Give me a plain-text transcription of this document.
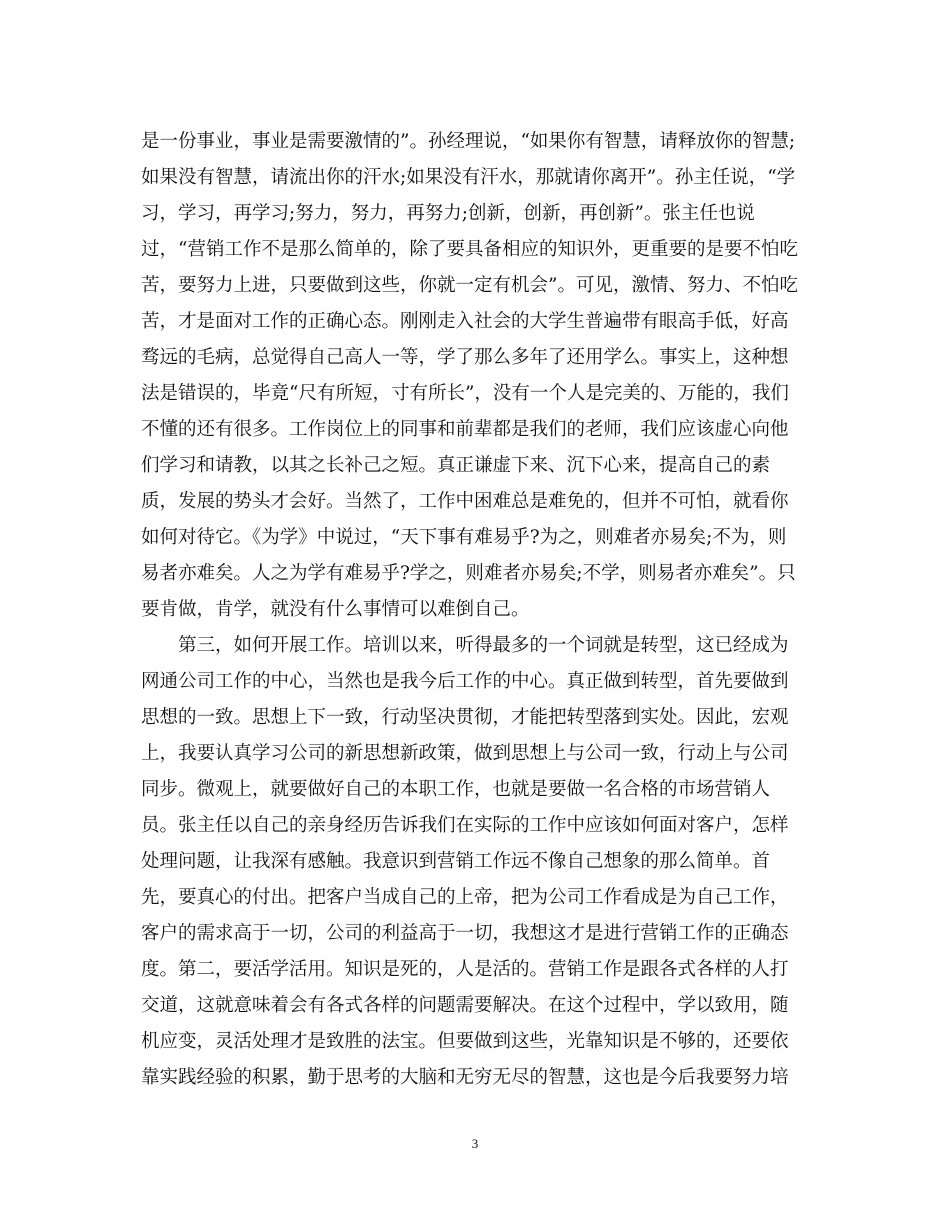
是一份事业，事业是需要激情的”。孙经理说，“如果你有智慧，请释放你的智慧;
如果没有智慧，请流出你的汗水;如果没有汗水，那就请你离开”。孙主任说，“学
习，学习，再学习;努力，努力，再努力;创新，创新，再创新”。张主任也说
过，“营销工作不是那么简单的，除了要具备相应的知识外，更重要的是要不怕吃
苦，要努力上进，只要做到这些，你就一定有机会”。可见，激情、努力、不怕吃
苦，才是面对工作的正确心态。刚刚走入社会的大学生普遍带有眼高手低，好高
骛远的毛病，总觉得自己高人一等，学了那么多年了还用学么。事实上，这种想
法是错误的，毕竟“尺有所短，寸有所长”，没有一个人是完美的、万能的，我们
不懂的还有很多。工作岗位上的同事和前辈都是我们的老师，我们应该虚心向他
们学习和请教，以其之长补己之短。真正谦虚下来、沉下心来，提高自己的素
质，发展的势头才会好。当然了，工作中困难总是难免的，但并不可怕，就看你
如何对待它。《为学》中说过，“天下事有难易乎?为之，则难者亦易矣;不为，则
易者亦难矣。人之为学有难易乎?学之，则难者亦易矣;不学，则易者亦难矣”。只
要肯做，肯学，就没有什么事情可以难倒自己。
第三，如何开展工作。培训以来，听得最多的一个词就是转型，这已经成为
网通公司工作的中心，当然也是我今后工作的中心。真正做到转型，首先要做到
思想的一致。思想上下一致，行动坚决贯彻，才能把转型落到实处。因此，宏观
上，我要认真学习公司的新思想新政策，做到思想上与公司一致，行动上与公司
同步。微观上，就要做好自己的本职工作，也就是要做一名合格的市场营销人
员。张主任以自己的亲身经历告诉我们在实际的工作中应该如何面对客户，怎样
处理问题，让我深有感触。我意识到营销工作远不像自己想象的那么简单。首
先，要真心的付出。把客户当成自己的上帝，把为公司工作看成是为自己工作，
客户的需求高于一切，公司的利益高于一切，我想这才是进行营销工作的正确态
度。第二，要活学活用。知识是死的，人是活的。营销工作是跟各式各样的人打
交道，这就意味着会有各式各样的问题需要解决。在这个过程中，学以致用，随
机应变，灵活处理才是致胜的法宝。但要做到这些，光靠知识是不够的，还要依
靠实践经验的积累，勤于思考的大脑和无穷无尽的智慧，这也是今后我要努力培
3
